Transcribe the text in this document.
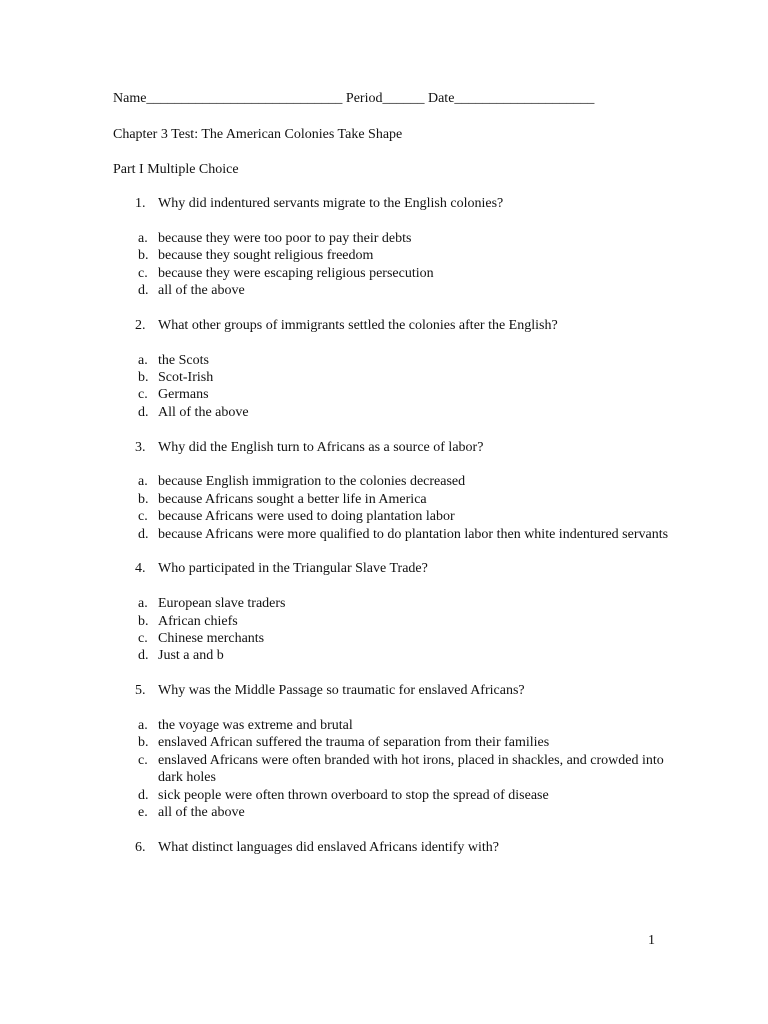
Name____________________________ Period______ Date____________________
Chapter 3 Test: The American Colonies Take Shape
Part I Multiple Choice
1. Why did indentured servants migrate to the English colonies?
a. because they were too poor to pay their debts
b. because they sought religious freedom
c. because they were escaping religious persecution
d. all of the above
2. What other groups of immigrants settled the colonies after the English?
a. the Scots
b. Scot-Irish
c. Germans
d. All of the above
3. Why did the English turn to Africans as a source of labor?
a. because English immigration to the colonies decreased
b. because Africans sought a better life in America
c. because Africans were used to doing plantation labor
d. because Africans were more qualified to do plantation labor then white indentured servants
4. Who participated in the Triangular Slave Trade?
a. European slave traders
b. African chiefs
c. Chinese merchants
d. Just a and b
5. Why was the Middle Passage so traumatic for enslaved Africans?
a. the voyage was extreme and brutal
b. enslaved African suffered the trauma of separation from their families
c. enslaved Africans were often branded with hot irons, placed in shackles, and crowded into dark holes
d. sick people were often thrown overboard to stop the spread of disease
e. all of the above
6. What distinct languages did enslaved Africans identify with?
1
